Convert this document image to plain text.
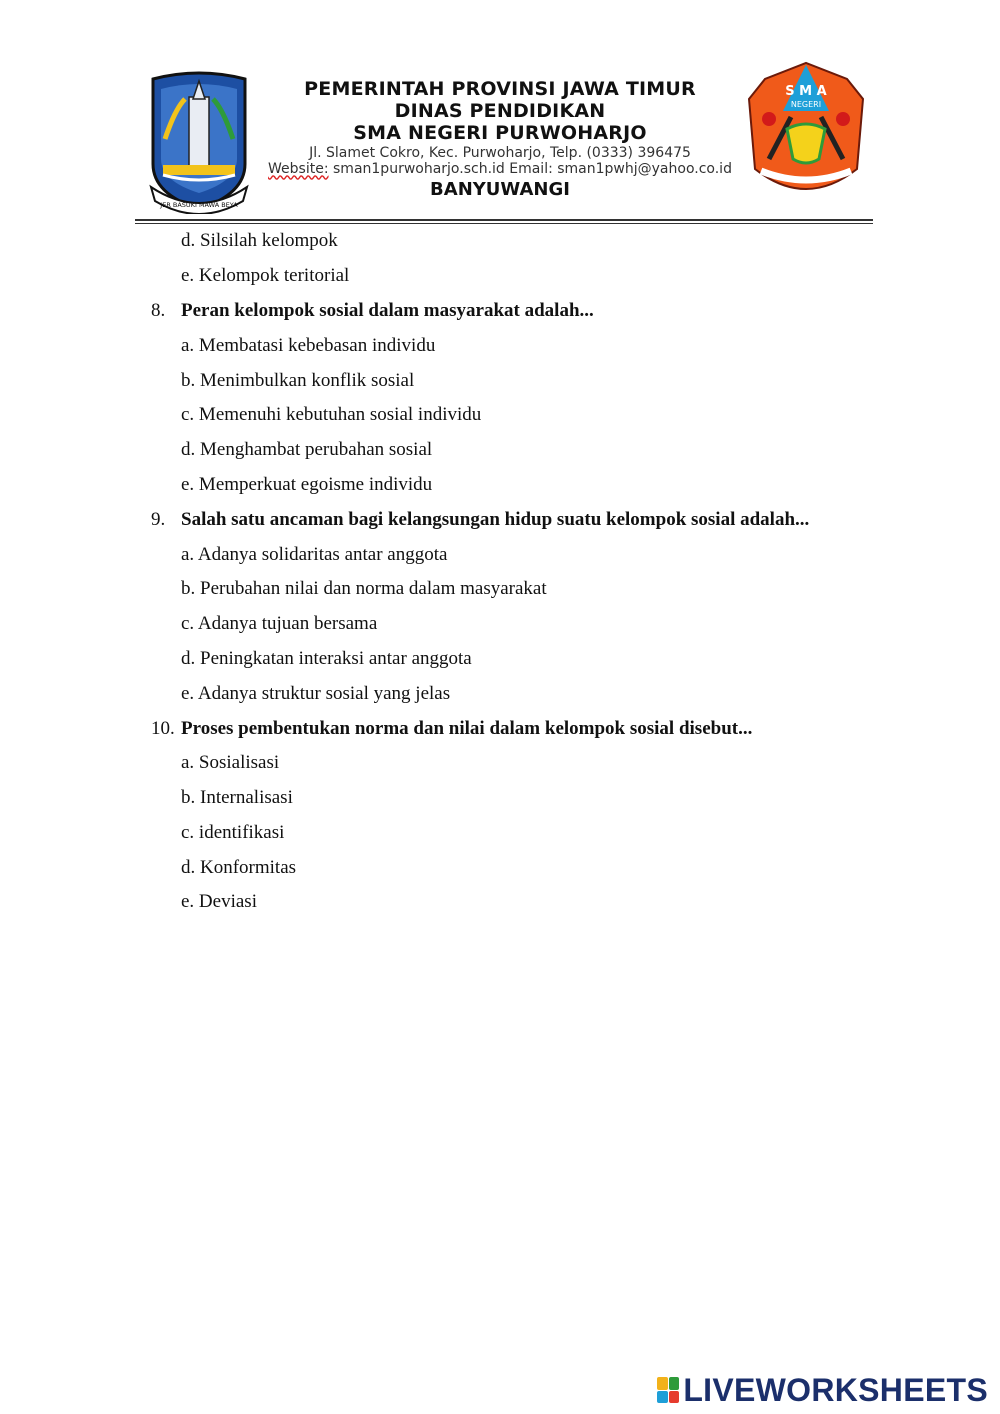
JER BASUKI MAWA BEYA
PEMERINTAH PROVINSI JAWA TIMUR
DINAS PENDIDIKAN
SMA NEGERI PURWOHARJO
Jl. Slamet Cokro, Kec. Purwoharjo, Telp. (0333) 396475
Website: sman1purwoharjo.sch.id Email: sman1pwhj@yahoo.co.id
BANYUWANGI
S M A
NEGERI
d. Silsilah kelompok
e. Kelompok teritorial
8. Peran kelompok sosial dalam masyarakat adalah...
a. Membatasi kebebasan individu
b. Menimbulkan konflik sosial
c. Memenuhi kebutuhan sosial individu
d. Menghambat perubahan sosial
e. Memperkuat egoisme individu
9. Salah satu ancaman bagi kelangsungan hidup suatu kelompok sosial adalah...
a. Adanya solidaritas antar anggota
b. Perubahan nilai dan norma dalam masyarakat
c. Adanya tujuan bersama
d. Peningkatan interaksi antar anggota
e. Adanya struktur sosial yang jelas
10. Proses pembentukan norma dan nilai dalam kelompok sosial disebut...
a. Sosialisasi
b. Internalisasi
c. identifikasi
d. Konformitas
e. Deviasi
LIVEWORKSHEETS
